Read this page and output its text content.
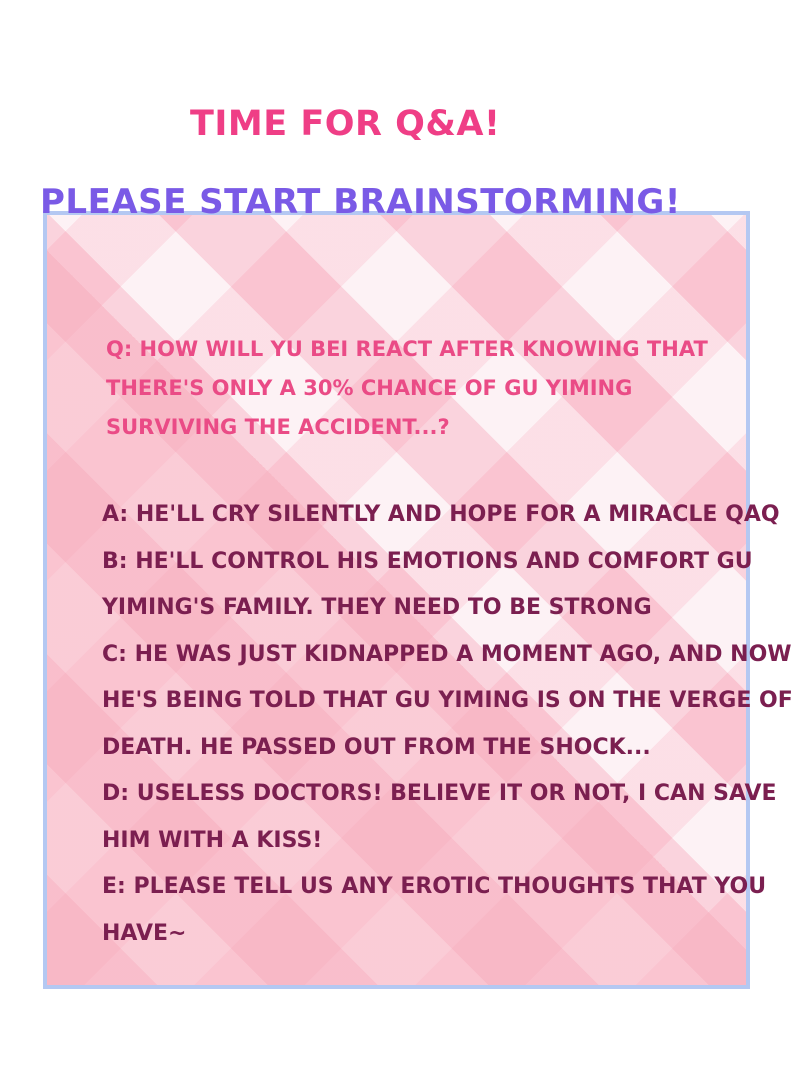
TIME FOR Q&A!
PLEASE START BRAINSTORMING!
Q: HOW WILL YU BEI REACT AFTER KNOWING THAT
THERE'S ONLY A 30% CHANCE OF GU YIMING
SURVIVING THE ACCIDENT...?
A: HE'LL CRY SILENTLY AND HOPE FOR A MIRACLE QAQ
B: HE'LL CONTROL HIS EMOTIONS AND COMFORT GU
YIMING'S FAMILY. THEY NEED TO BE STRONG
C: HE WAS JUST KIDNAPPED A MOMENT AGO, AND NOW
HE'S BEING TOLD THAT GU YIMING IS ON THE VERGE OF
DEATH. HE PASSED OUT FROM THE SHOCK...
D: USELESS DOCTORS! BELIEVE IT OR NOT, I CAN SAVE
HIM WITH A KISS!
E: PLEASE TELL US ANY EROTIC THOUGHTS THAT YOU
HAVE~
